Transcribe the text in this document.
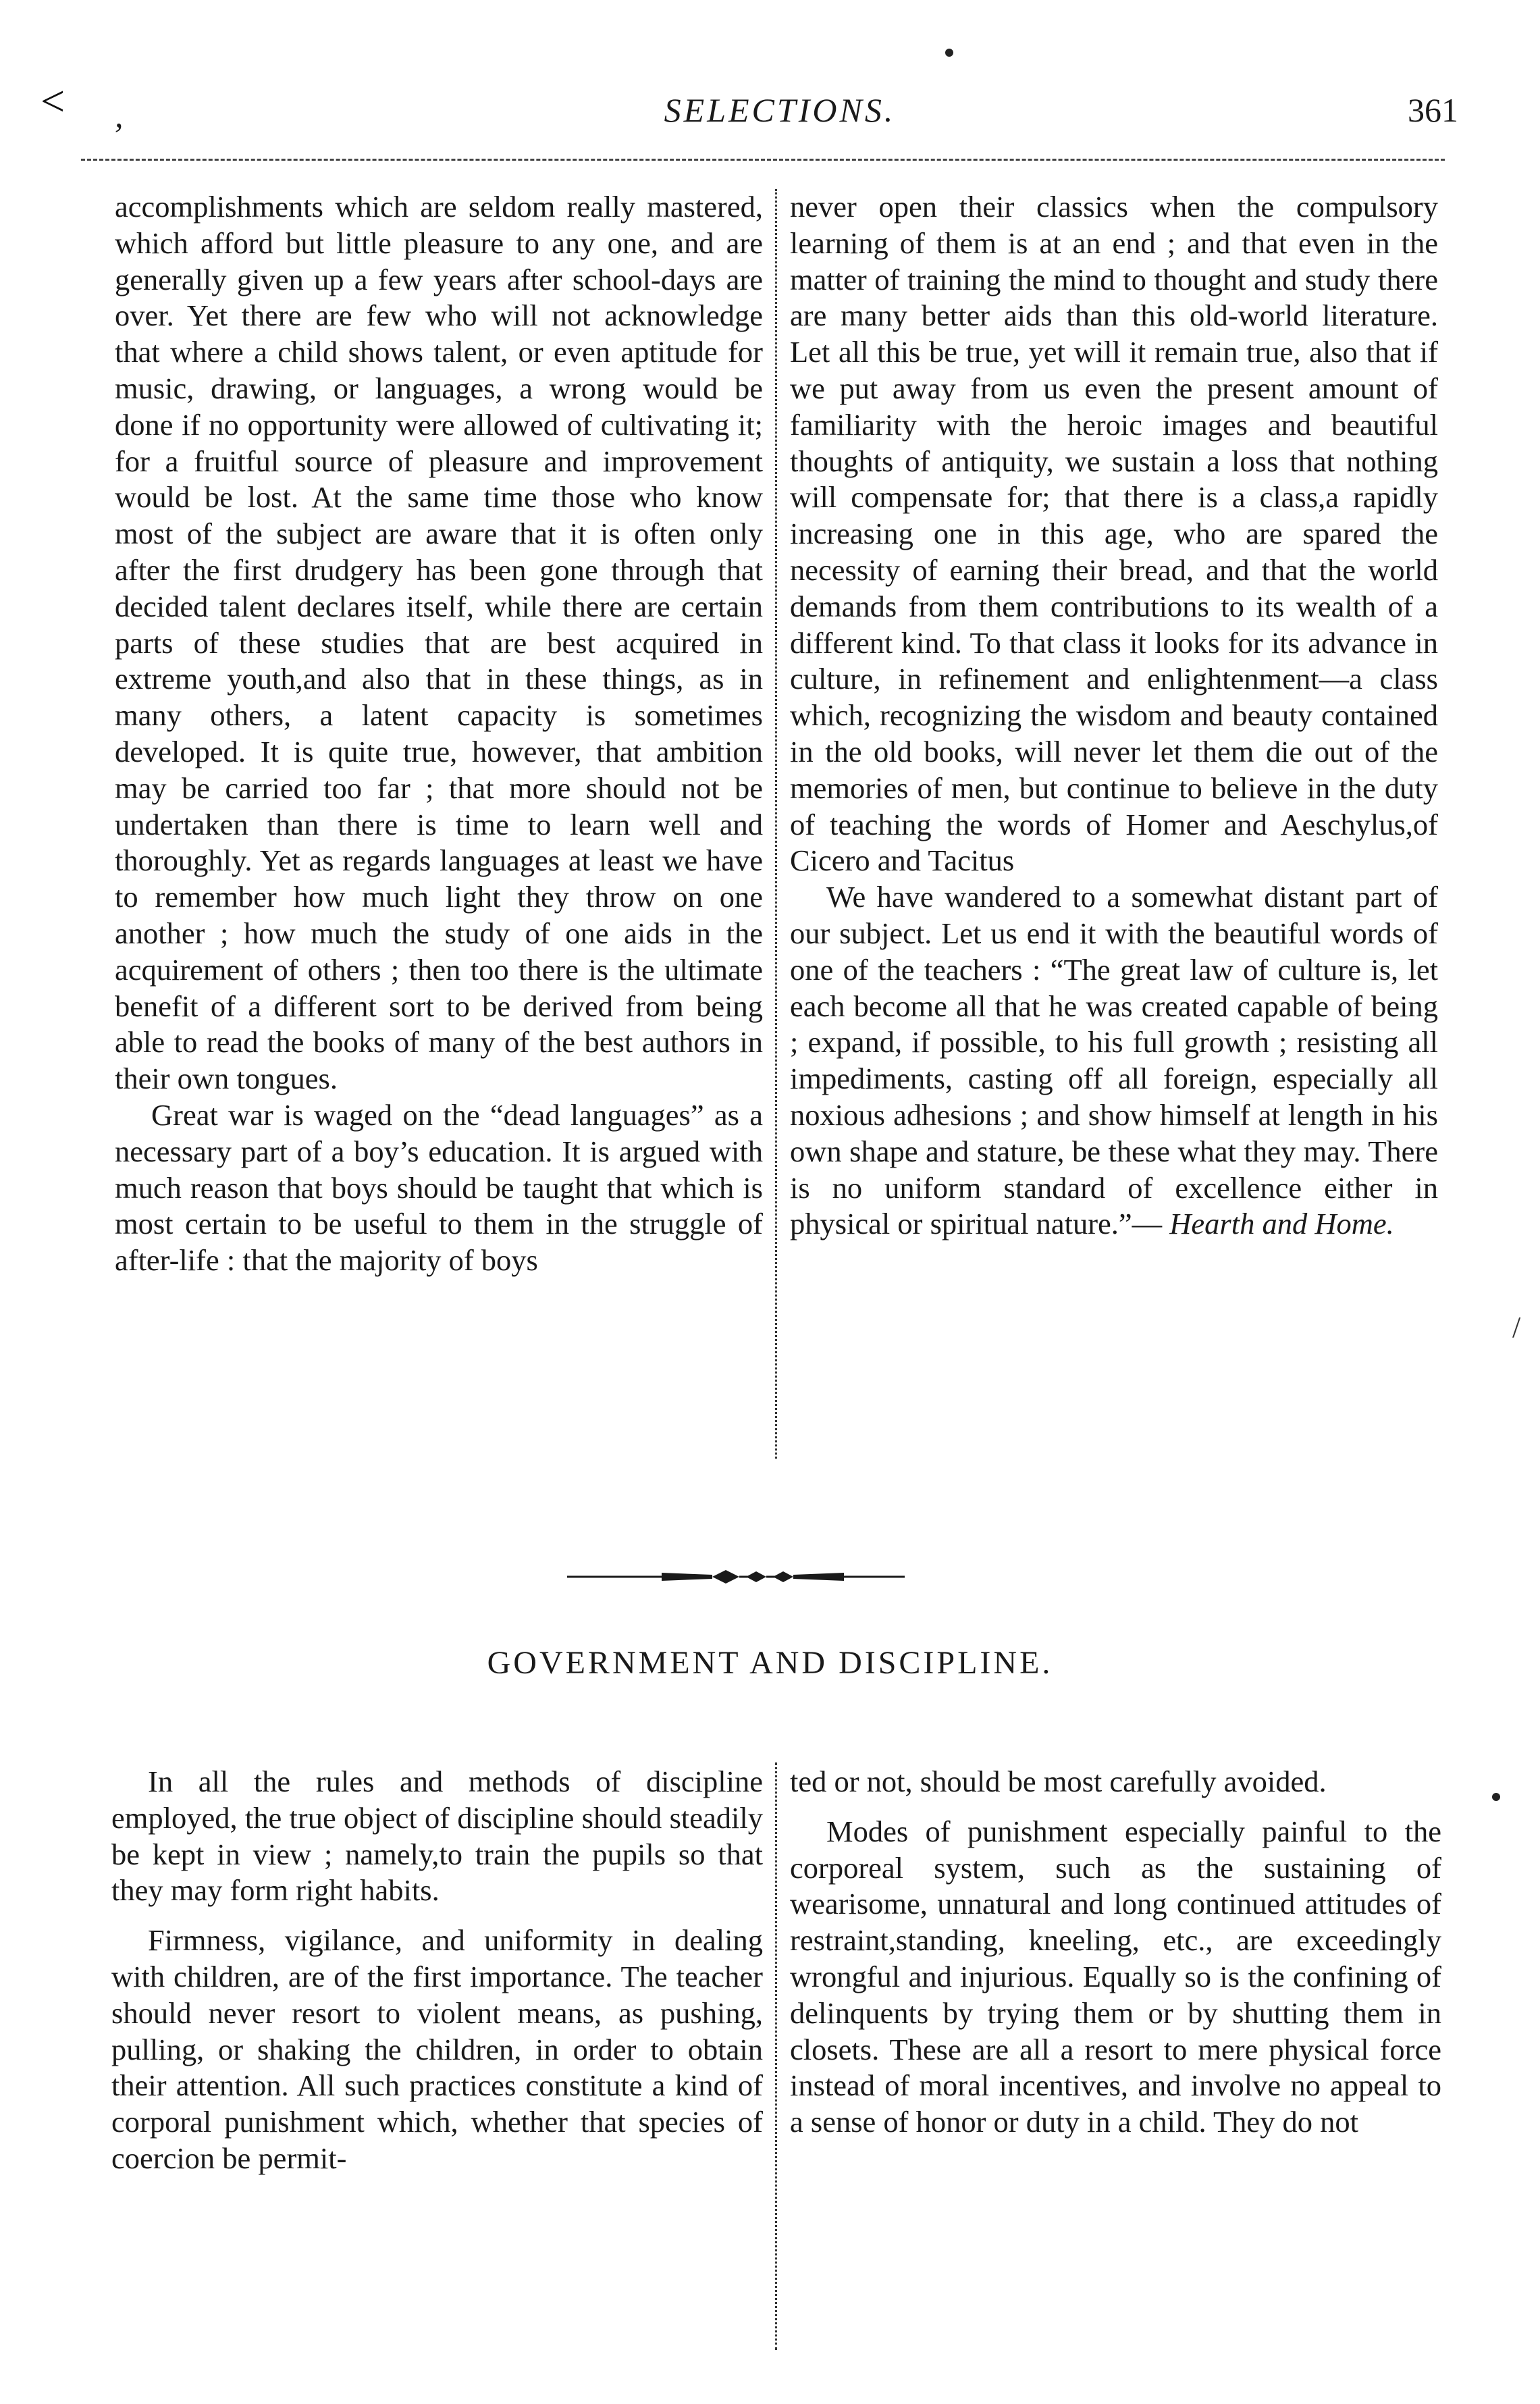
< ,	SELECTIONS.	361

accomplishments which are seldom really mastered, which afford but little pleasure to any one, and are generally given up a few years after school-days are over. Yet there are few who will not acknowledge that where a child shows talent, or even aptitude for music, drawing, or languages, a wrong would be done if no opportunity were allowed of cultivating it; for a fruitful source of pleasure and improvement would be lost. At the same time those who know most of the subject are aware that it is often only after the first drudgery has been gone through that decided talent declares itself, while there are certain parts of these studies that are best acquired in extreme youth,and also that in these things, as in many others, a latent capacity is sometimes developed. It is quite true, however, that ambition may be carried too far ; that more should not be undertaken than there is time to learn well and thoroughly. Yet as regards languages at least we have to remember how much light they throw on one another ; how much the study of one aids in the acquirement of others ; then too there is the ultimate benefit of a different sort to be derived from being able to read the books of many of the best authors in their own tongues.

Great war is waged on the “dead languages” as a necessary part of a boy’s education. It is argued with much reason that boys should be taught that which is most certain to be useful to them in the struggle of after-life : that the majority of boys

never open their classics when the compulsory learning of them is at an end ; and that even in the matter of training the mind to thought and study there are many better aids than this old-world literature. Let all this be true, yet will it remain true, also that if we put away from us even the present amount of familiarity with the heroic images and beautiful thoughts of antiquity, we sustain a loss that nothing will compensate for; that there is a class,a rapidly increasing one in this age, who are spared the necessity of earning their bread, and that the world demands from them contributions to its wealth of a different kind. To that class it looks for its advance in culture, in refinement and enlightenment—a class which, recognizing the wisdom and beauty contained in the old books, will never let them die out of the memories of men, but continue to believe in the duty of teaching the words of Homer and Aeschylus,of Cicero and Tacitus

We have wandered to a somewhat distant part of our subject. Let us end it with the beautiful words of one of the teachers : “The great law of culture is, let each become all that he was created capable of being ; expand, if possible, to his full growth ; resisting all impediments, casting off all foreign, especially all noxious adhesions ; and show himself at length in his own shape and stature, be these what they may. There is no uniform standard of excellence either in physical or spiritual nature.”— Hearth and Home.

GOVERNMENT AND DISCIPLINE.

In all the rules and methods of discipline employed, the true object of discipline should steadily be kept in view ; namely,to train the pupils so that they may form right habits.

Firmness, vigilance, and uniformity in dealing with children, are of the first importance. The teacher should never resort to violent means, as pushing, pulling, or shaking the children, in order to obtain their attention. All such practices constitute a kind of corporal punishment which, whether that species of coercion be permit-

ted or not, should be most carefully avoided.

Modes of punishment especially painful to the corporeal system, such as the sustaining of wearisome, unnatural and long continued attitudes of restraint,standing, kneeling, etc., are exceedingly wrongful and injurious. Equally so is the confining of delinquents by trying them or by shutting them in closets. These are all a resort to mere physical force instead of moral incentives, and involve no appeal to a sense of honor or duty in a child. They do not

/
